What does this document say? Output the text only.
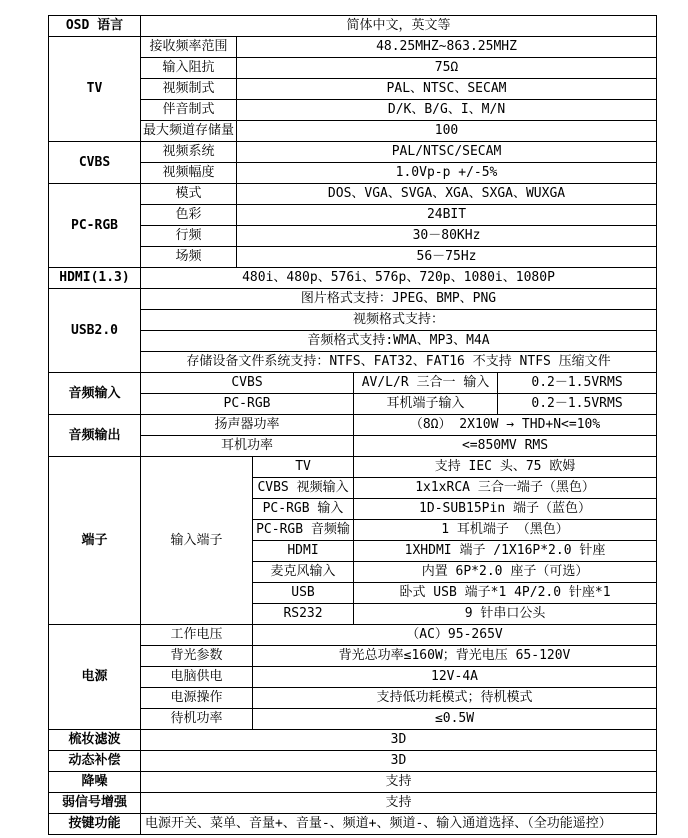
OSD 语言	简体中文，英文等				
TV	接收频率范围	48.25MHZ~863.25MHZ			
	输入阻抗	75Ω			
	视频制式	PAL、NTSC、SECAM			
	伴音制式	D/K、B/G、I、M/N			
	最大频道存储量	100			
CVBS	视频系统	PAL/NTSC/SECAM			
	视频幅度	1.0Vp-p +/-5%			
PC-RGB	模式	DOS、VGA、SVGA、XGA、SXGA、WUXGA			
	色彩	24BIT			
	行频	30－80KHz			
	场频	56－75Hz			
HDMI(1.3)	480i、480p、576i、576p、720p、1080i、1080P				
USB2.0	图片格式支持：JPEG、BMP、PNG				
	视频格式支持：				
	音频格式支持:WMA、MP3、M4A				
	存储设备文件系统支持：NTFS、FAT32、FAT16 不支持 NTFS 压缩文件				
音频输入	CVBS			AV/L/R 三合一 输入	0.2－1.5VRMS
	PC-RGB			耳机端子输入	0.2－1.5VRMS
音频输出	扬声器功率			（8Ω） 2X10W → THD+N<=10%	
	耳机功率			<=850MV RMS	
端子	输入端子		TV	支持 IEC 头、75 欧姆	
			CVBS 视频输入	1x1xRCA 三合一端子（黑色）	
			PC-RGB 输入	1D-SUB15Pin 端子（蓝色）	
			PC-RGB 音频输	1 耳机端子 （黑色）	
			HDMI	1XHDMI 端子 /1X16P*2.0 针座	
			麦克风输入	内置 6P*2.0 座子（可选）	
			USB	卧式 USB 端子*1 4P/2.0 针座*1	
			RS232	9 针串口公头	
电源	工作电压		（AC）95-265V		
	背光参数		背光总功率≤160W；背光电压 65-120V		
	电脑供电		12V-4A		
	电源操作		支持低功耗模式；待机模式		
	待机功率		≤0.5W		
梳妆滤波	3D				
动态补偿	3D				
降噪	支持				
弱信号增强	支持				
按键功能	电源开关、菜单、音量+、音量-、频道+、频道-、输入通道选择、（全功能遥控）				
